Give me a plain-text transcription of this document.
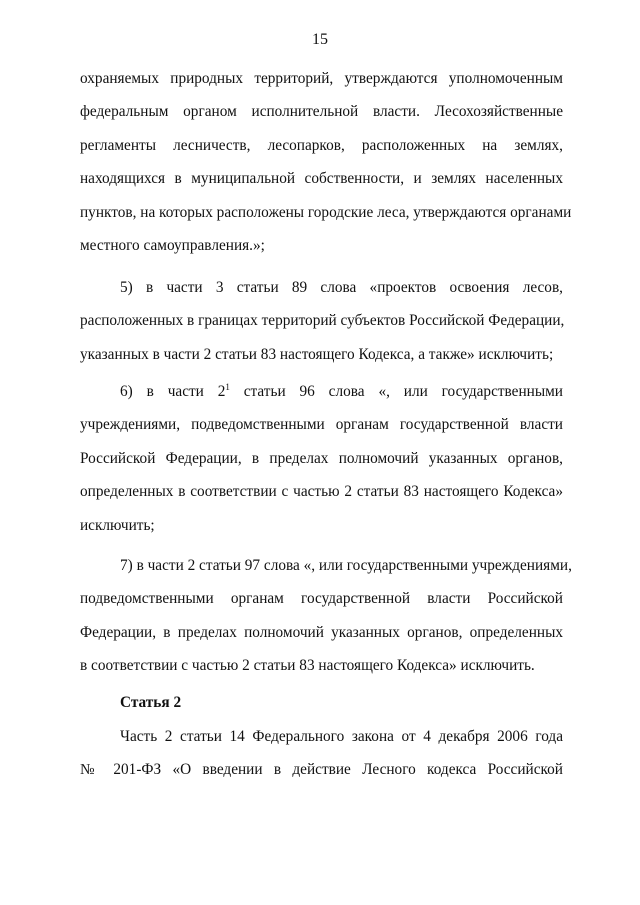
15
охраняемых природных территорий, утверждаются уполномоченным
федеральным органом исполнительной власти. Лесохозяйственные
регламенты лесничеств, лесопарков, расположенных на землях,
находящихся в муниципальной собственности, и землях населенных
пунктов, на которых расположены городские леса, утверждаются органами
местного самоуправления.»;
5) в части 3 статьи 89 слова «проектов освоения лесов,
расположенных в границах территорий субъектов Российской Федерации,
указанных в части 2 статьи 83 настоящего Кодекса, а также» исключить;
6) в части $2^1$ статьи 96 слова «, или государственными
учреждениями, подведомственными органам государственной власти
Российской Федерации, в пределах полномочий указанных органов,
определенных в соответствии с частью 2 статьи 83 настоящего Кодекса»
исключить;
7) в части 2 статьи 97 слова «, или государственными учреждениями,
подведомственными органам государственной власти Российской
Федерации, в пределах полномочий указанных органов, определенных
в соответствии с частью 2 статьи 83 настоящего Кодекса» исключить.
Статья 2
Часть 2 статьи 14 Федерального закона от 4 декабря 2006 года
№ 201-ФЗ «О введении в действие Лесного кодекса Российской
